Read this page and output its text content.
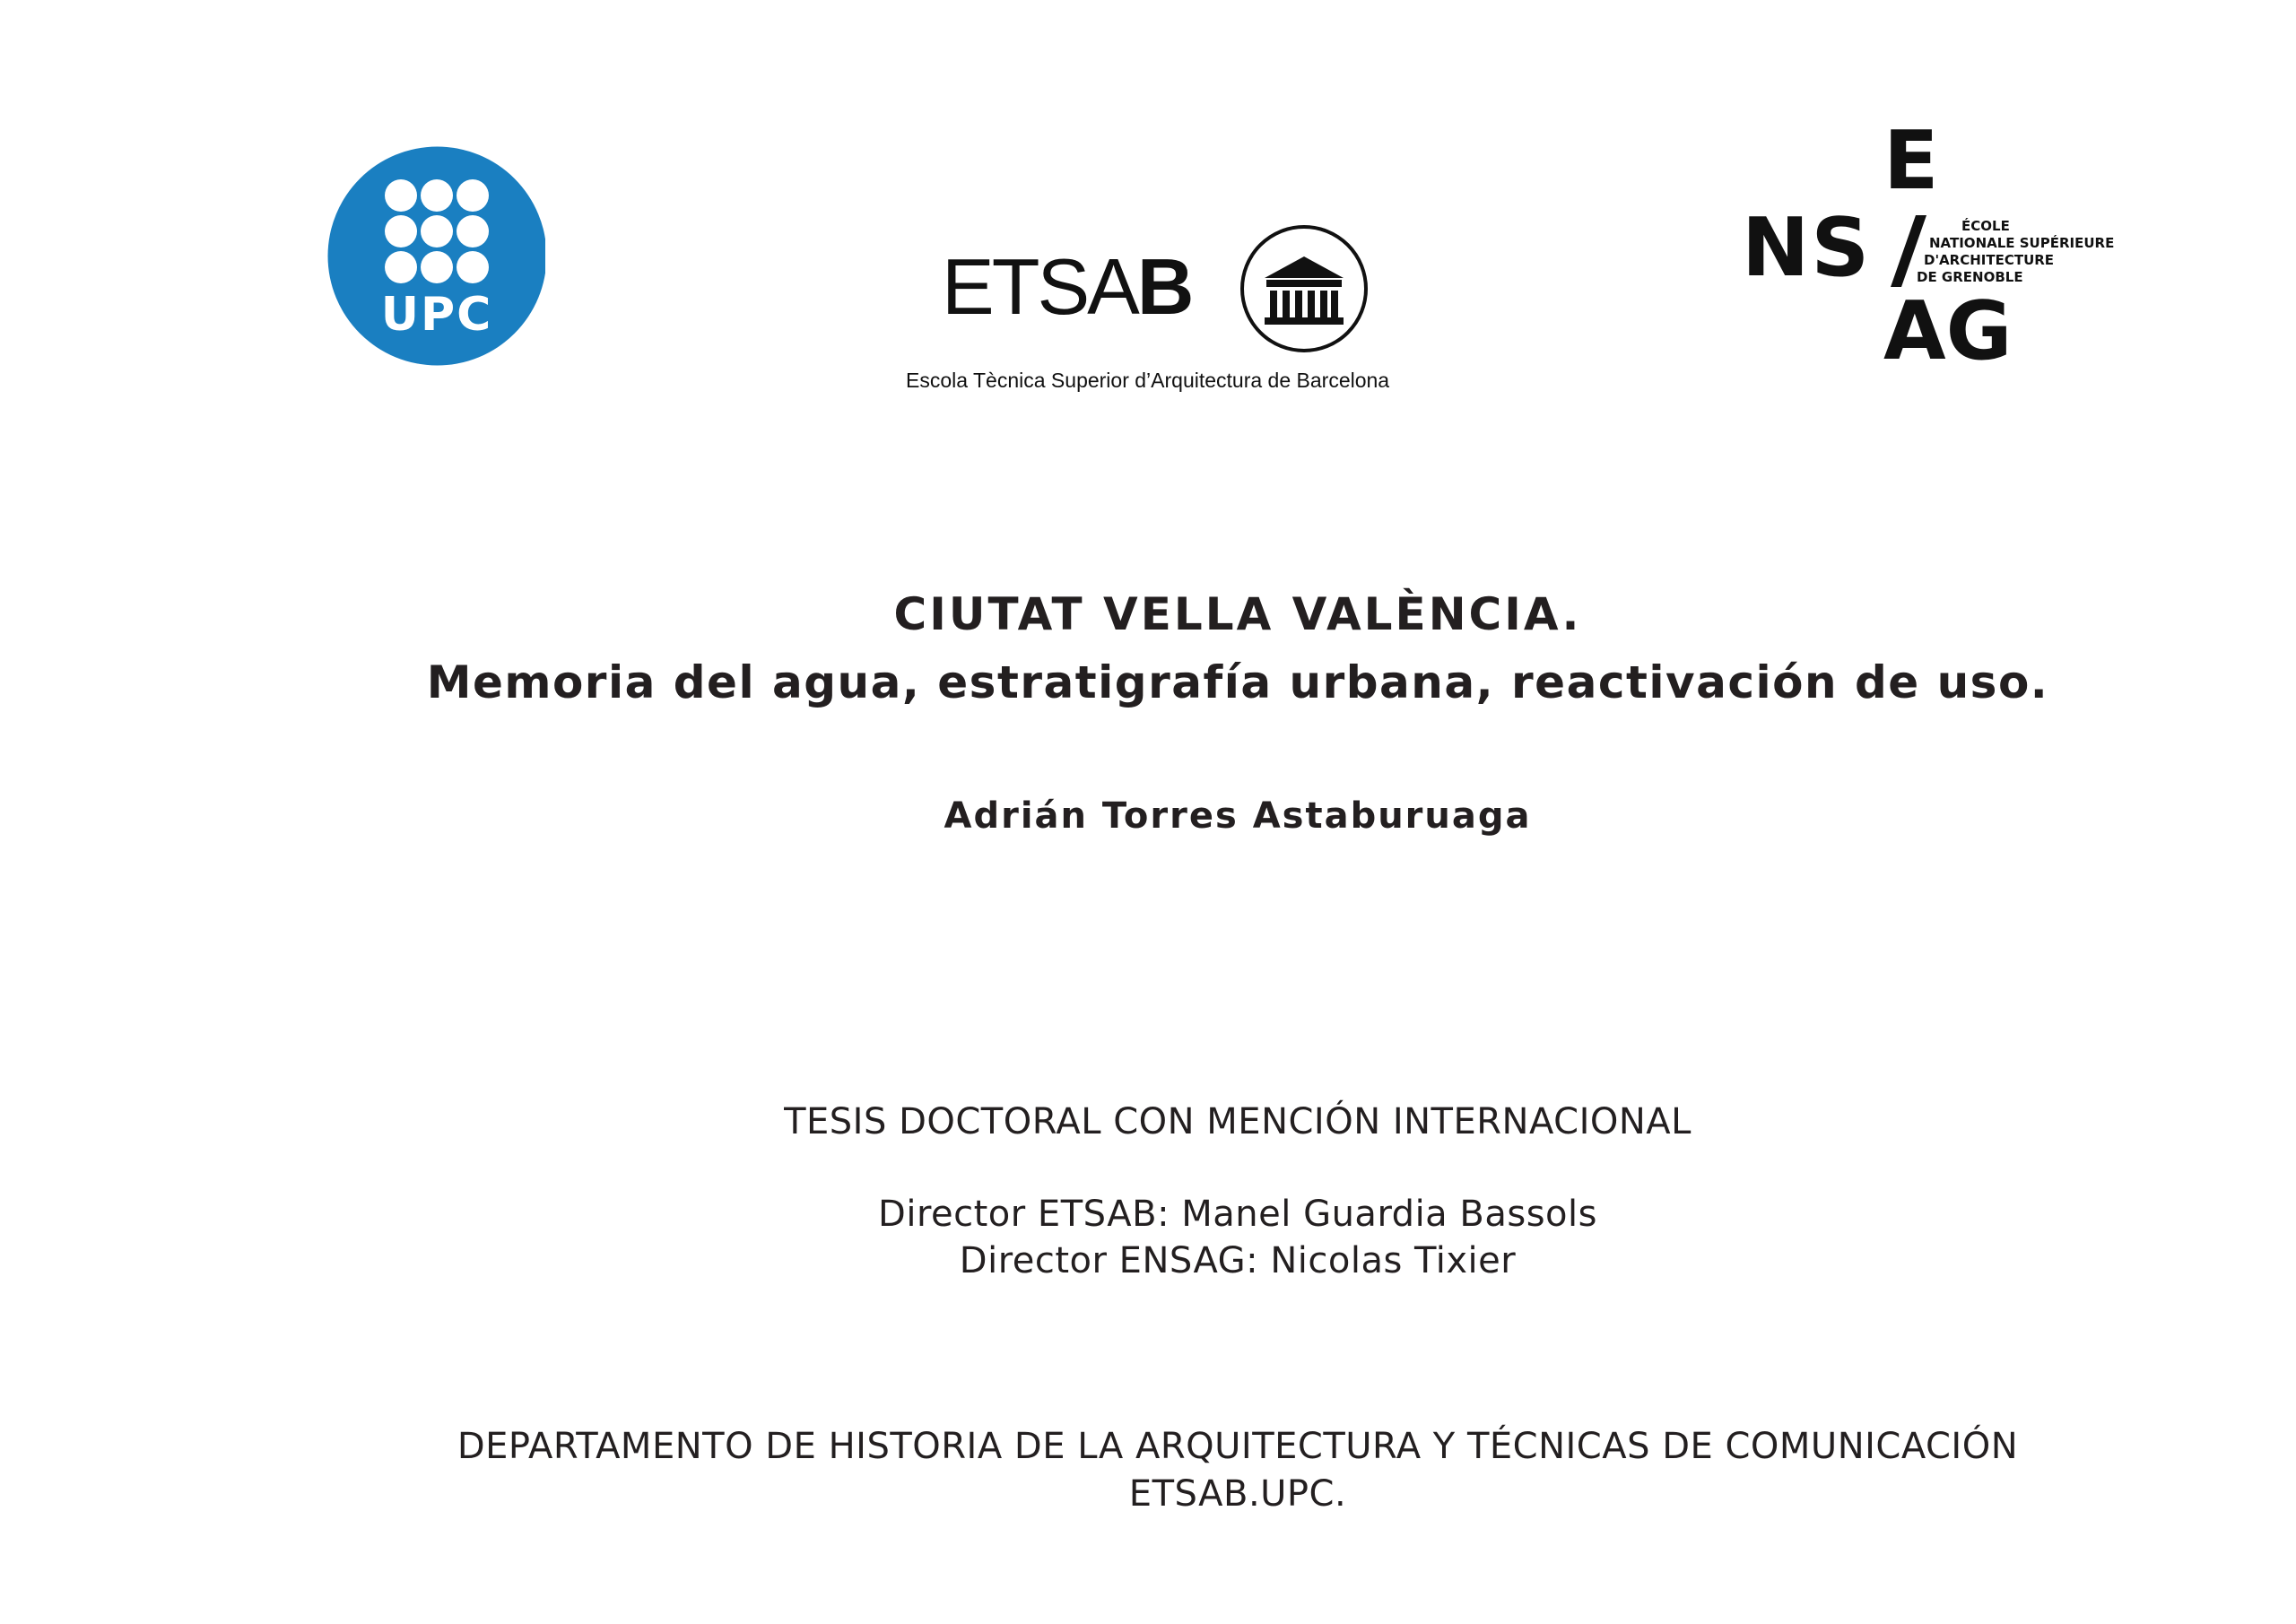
UPC	ETSAB
Escola Tècnica Superior d’Arquitectura de Barcelona
E
NS
AG
ÉCOLE
NATIONALE SUPÉRIEURE
D'ARCHITECTURE
DE GRENOBLE
CIUTAT VELLA VALÈNCIA.
Memoria del agua, estratigrafía urbana, reactivación de uso.
Adrián Torres Astaburuaga
TESIS DOCTORAL CON MENCIÓN INTERNACIONAL
Director ETSAB: Manel Guardia Bassols
Director ENSAG: Nicolas Tixier
DEPARTAMENTO DE HISTORIA DE LA ARQUITECTURA Y TÉCNICAS DE COMUNICACIÓN
ETSAB.UPC.
